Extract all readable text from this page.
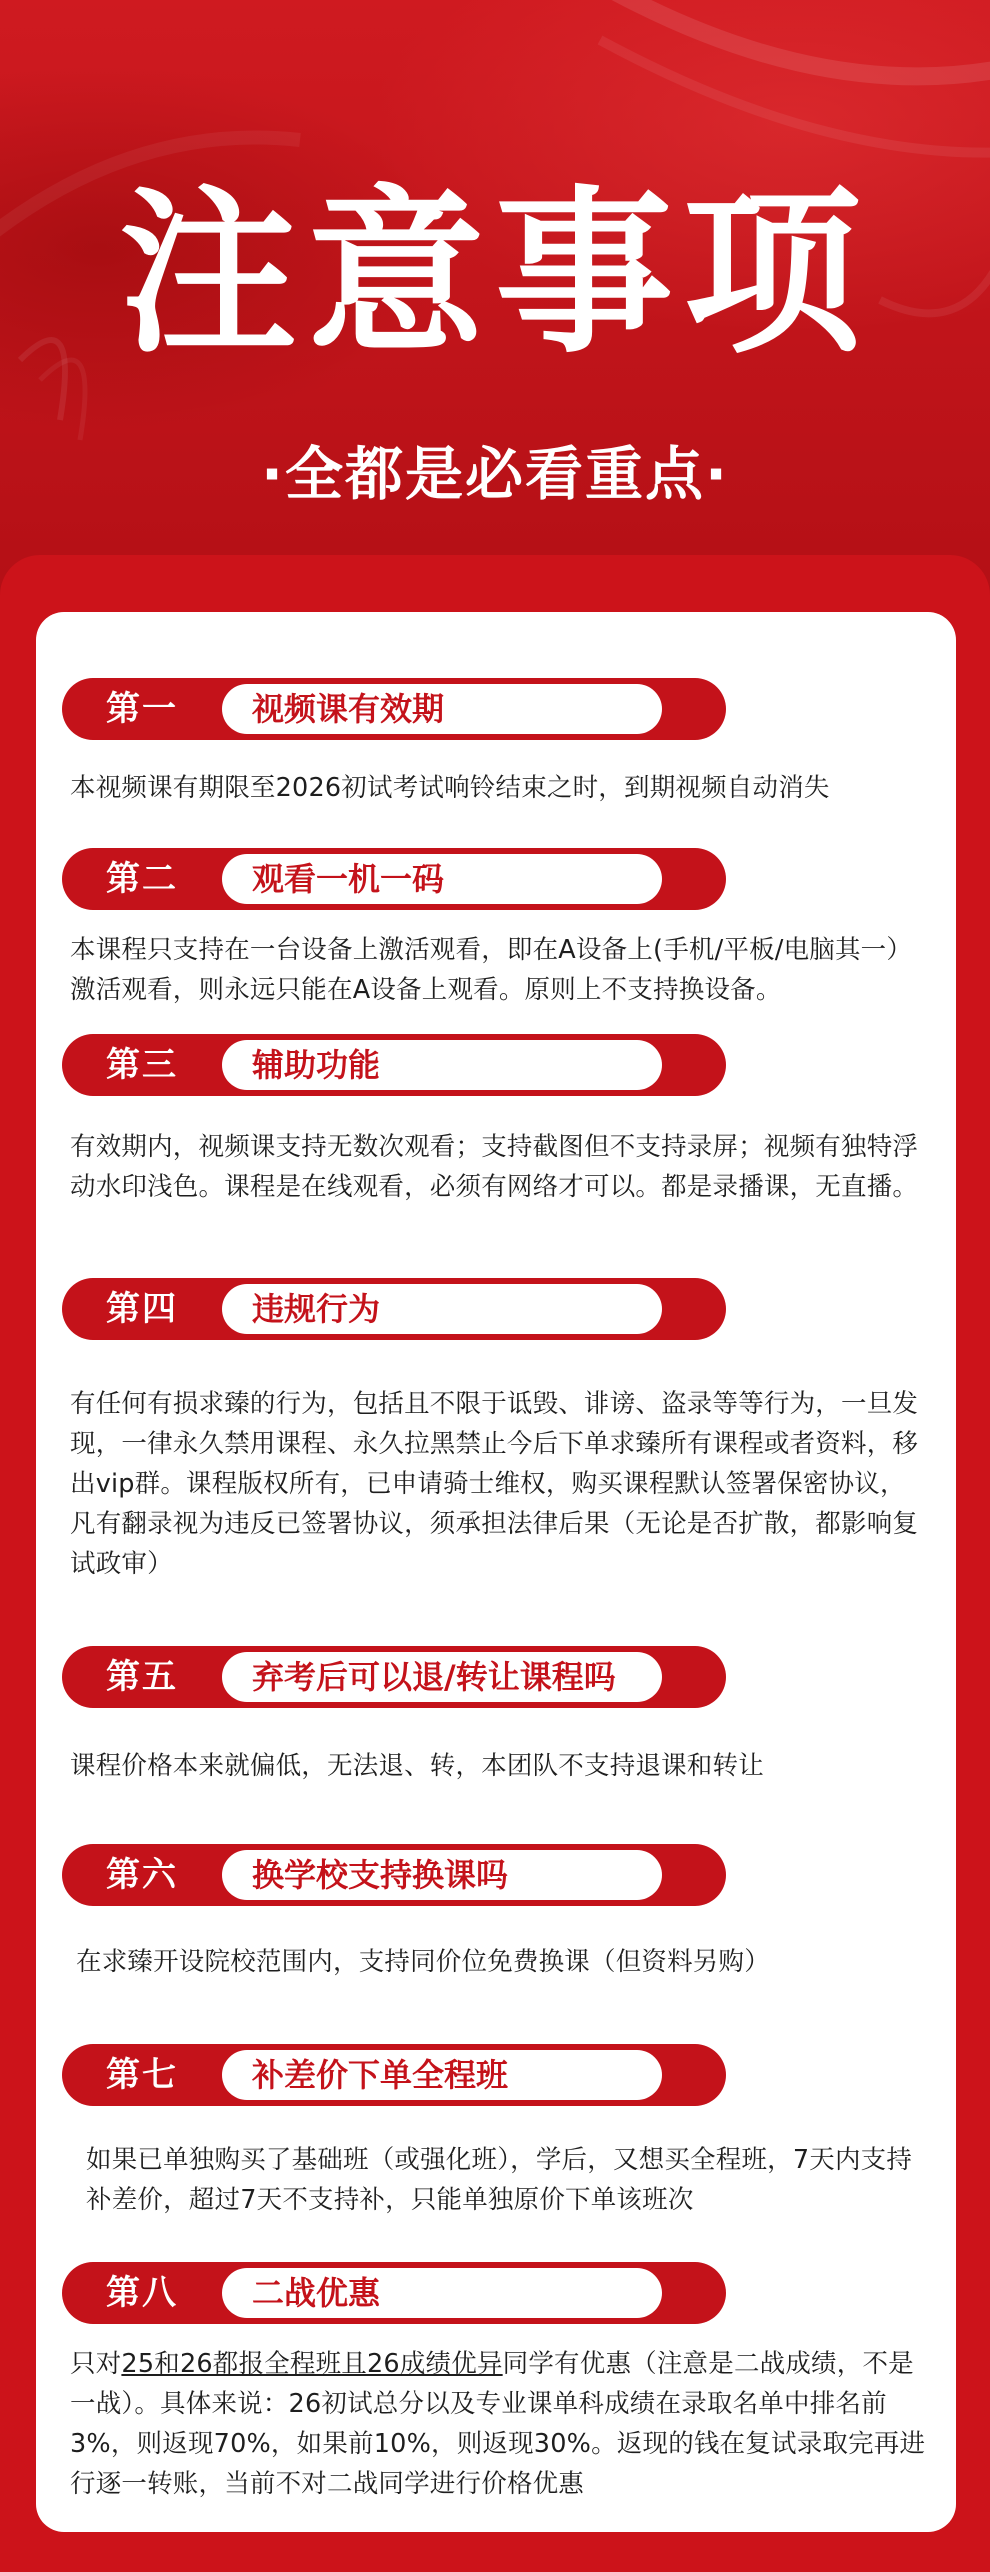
注意事项
·全都是必看重点·
第一	视频课有效期
本视频课有期限至2026初试考试响铃结束之时，到期视频自动消失
第二	观看一机一码
本课程只支持在一台设备上激活观看，即在A设备上(手机/平板/电脑其一）激活观看，则永远只能在A设备上观看。原则上不支持换设备。
第三	辅助功能
有效期内，视频课支持无数次观看；支持截图但不支持录屏；视频有独特浮动水印浅色。课程是在线观看，必须有网络才可以。都是录播课，无直播。
第四	违规行为
有任何有损求臻的行为，包括且不限于诋毁、诽谤、盗录等等行为，一旦发现，一律永久禁用课程、永久拉黑禁止今后下单求臻所有课程或者资料，移出vip群。课程版权所有，已申请骑士维权，购买课程默认签署保密协议，凡有翻录视为违反已签署协议，须承担法律后果（无论是否扩散，都影响复试政审）
第五	弃考后可以退/转让课程吗
课程价格本来就偏低，无法退、转，本团队不支持退课和转让
第六	换学校支持换课吗
在求臻开设院校范围内，支持同价位免费换课（但资料另购）
第七	补差价下单全程班
如果已单独购买了基础班（或强化班），学后，又想买全程班，7天内支持补差价，超过7天不支持补，只能单独原价下单该班次
第八	二战优惠
只对25和26都报全程班且26成绩优异同学有优惠（注意是二战成绩，不是一战）。具体来说：26初试总分以及专业课单科成绩在录取名单中排名前3%，则返现70%，如果前10%，则返现30%。返现的钱在复试录取完再进行逐一转账，当前不对二战同学进行价格优惠
